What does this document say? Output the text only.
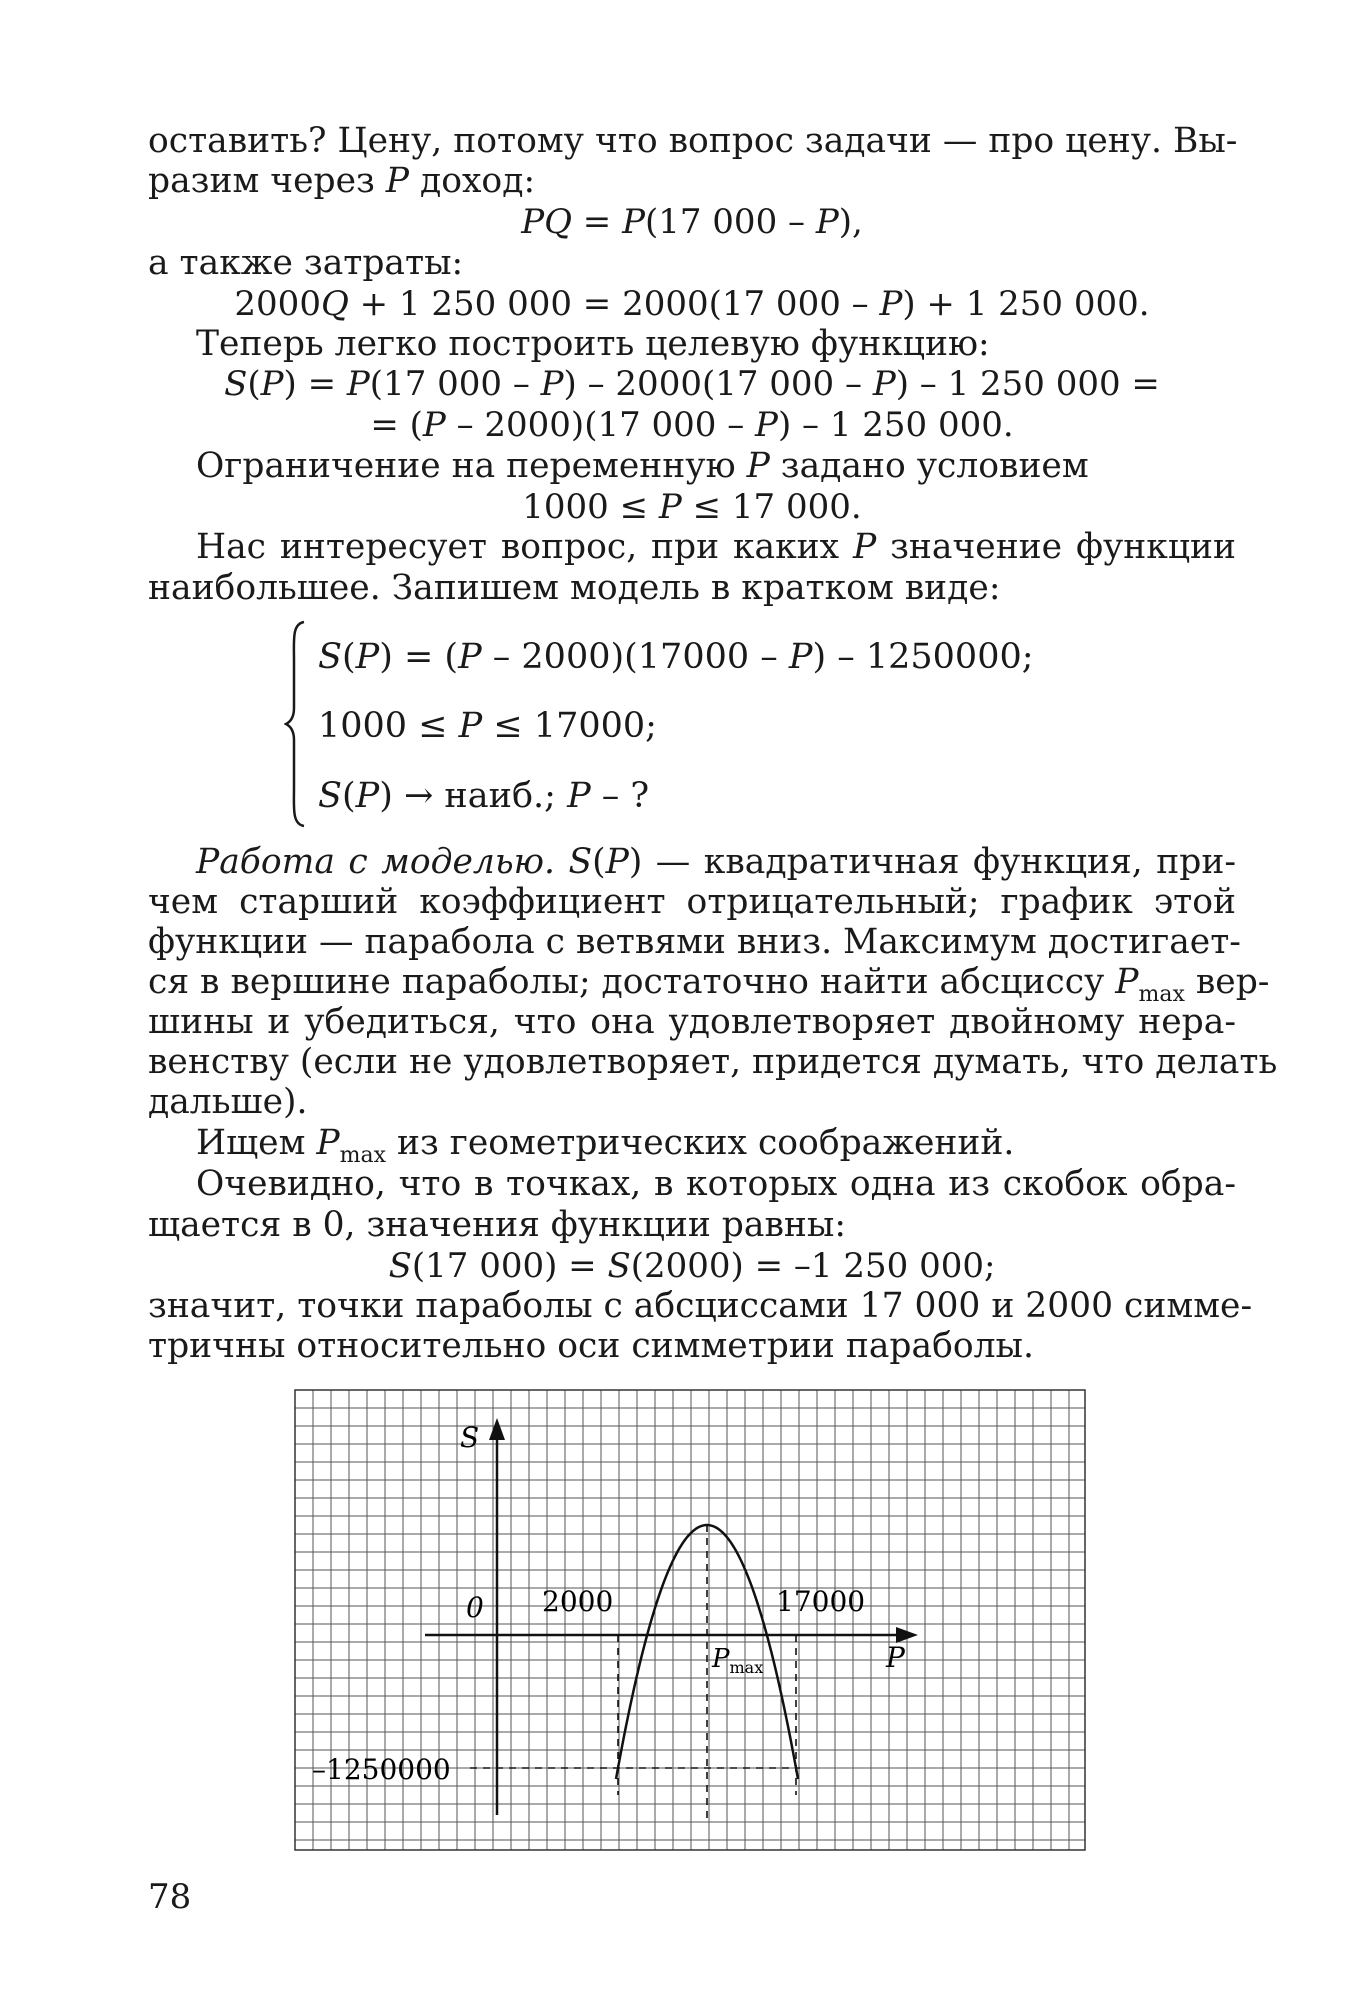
оставить? Цену, потому что вопрос задачи — про цену. Вы-
разим через P доход:
PQ = P(17 000 – P),
а также затраты:
2000Q + 1 250 000 = 2000(17 000 – P) + 1 250 000.
Теперь легко построить целевую функцию:
S(P) = P(17 000 – P) – 2000(17 000 – P) – 1 250 000 =
= (P – 2000)(17 000 – P) – 1 250 000.
Ограничение на переменную P задано условием
1000 ≤ P ≤ 17 000.
Нас интересует вопрос, при каких P значение функции
наибольшее. Запишем модель в кратком виде:
S(P) = (P – 2000)(17000 – P) – 1250000;
1000 ≤ P ≤ 17000;
S(P) → наиб.; P – ?
Работа с моделью. S(P) — квадратичная функция, при-
чем старший коэффициент отрицательный; график этой
функции — парабола с ветвями вниз. Максимум достигает-
ся в вершине параболы; достаточно найти абсциссу $P_{max}$ вер-
шины и убедиться, что она удовлетворяет двойному нера-
венству (если не удовлетворяет, придется думать, что делать
дальше).
Ищем $P_{max}$ из геометрических соображений.
Очевидно, что в точках, в которых одна из скобок обра-
щается в 0, значения функции равны:
S(17 000) = S(2000) = –1 250 000;
значит, точки параболы с абсциссами 17 000 и 2000 симме-
тричны относительно оси симметрии параболы.
S
P
0 2000	17000
–1250000
$P_{max}$
78
